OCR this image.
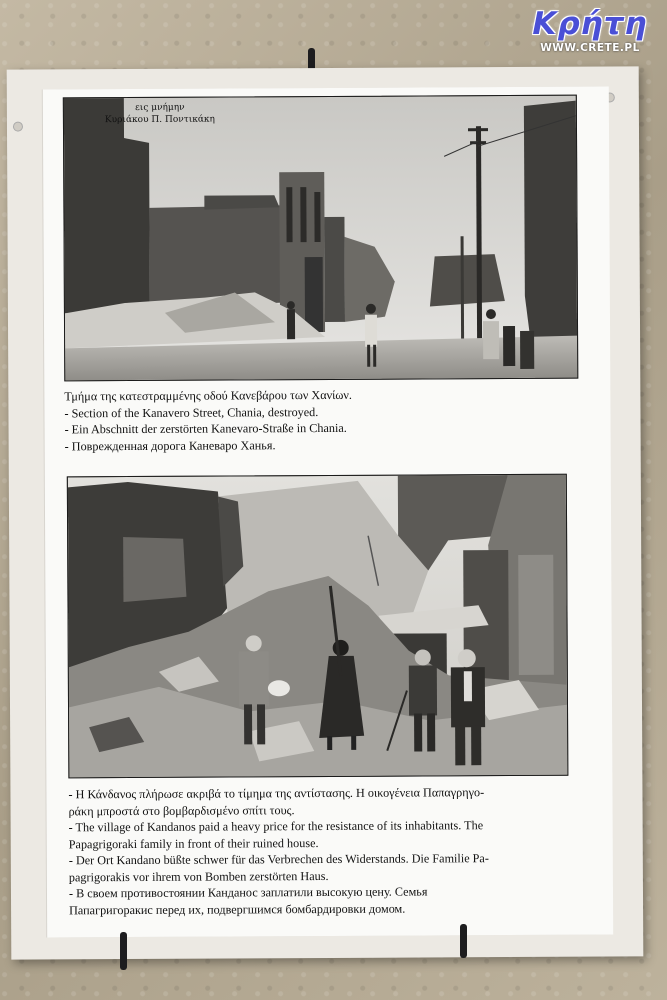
Κρήτη
WWW.CRETE.PL
εις μνήμην
Κυριάκου Π. Ποντικάκη
Τμήμα της κατεστραμμένης οδού Κανεβάρου των Χανίων.
- Section of the Kanavero Street, Chania, destroyed.
- Ein Abschnitt der zerstörten Kanevaro-Straße in Chania.
- Поврежденная дорога Каневаро Ханья.
- Η Κάνδανος πλήρωσε ακριβά το τίμημα της αντίστασης. Η οικογένεια Παπαγρηγο-
ράκη μπροστά στο βομβαρδισμένο σπίτι τους.
- The village of Kandanos paid a heavy price for the resistance of its inhabitants. The
Papagrigoraki family in front of their ruined house.
- Der Ort Kandano büßte schwer für das Verbrechen des Widerstands. Die Familie Pa-
pagrigorakis vor ihrem von Bomben zerstörten Haus.
- В своем противостоянии Канданос заплатили высокую цену. Семья
Папагригоракис перед их, подвергшимся бомбардировки домом.
